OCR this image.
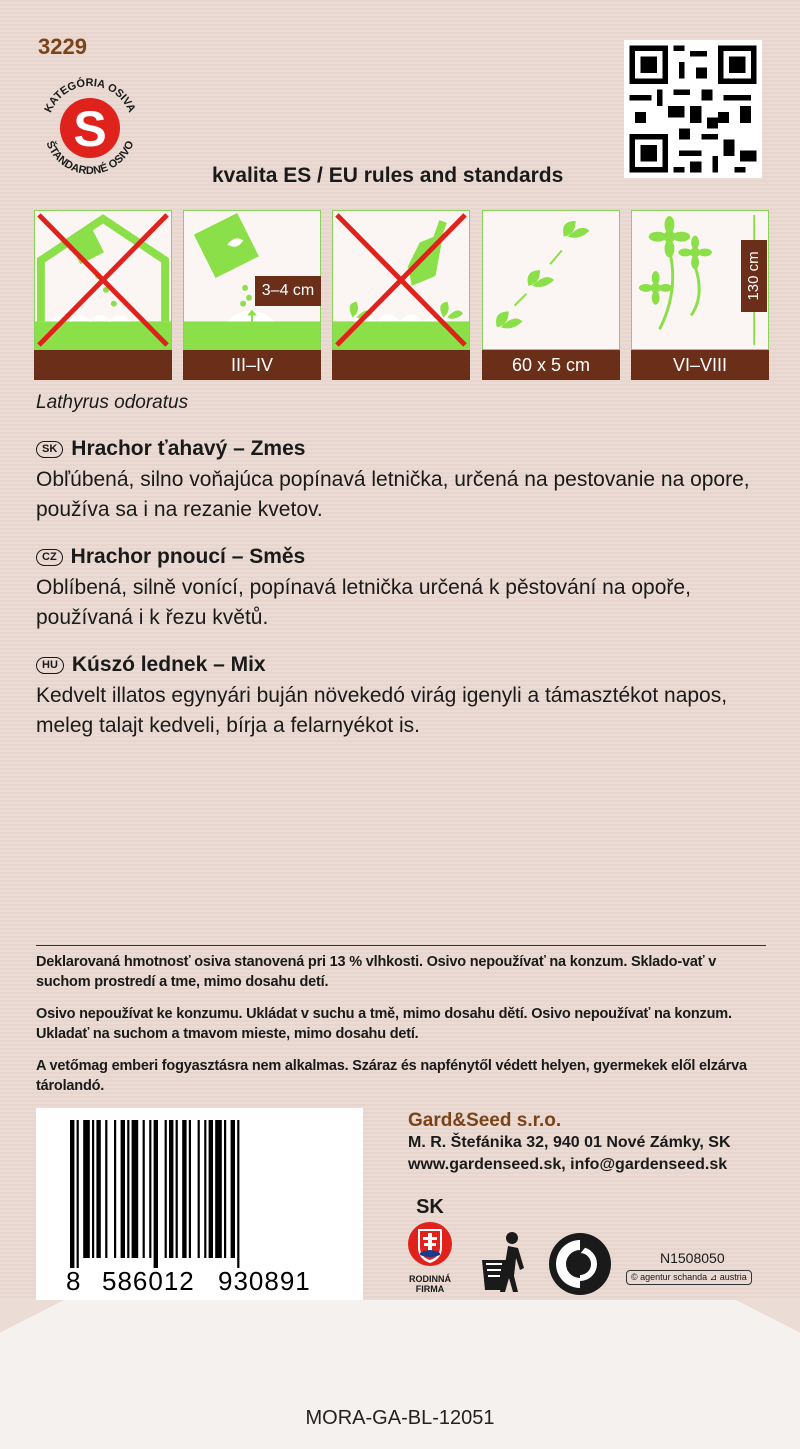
3229
S
KATEGÓRIA OSIVA
ŠTANDARDNÉ OSIVO
kvalita ES / EU rules and standards
3–4 cm
III–IV	60 x 5 cm
130 cm
VI–VIII
Lathyrus odoratus
SK Hrachor ťahavý – Zmes
Obľúbená, silno voňajúca popínavá letnička, určená na pestovanie na opore, používa sa i na rezanie kvetov.
CZ Hrachor pnoucí – Směs
Oblíbená, silně vonící, popínavá letnička určená k pěstování na opoře, používaná i k řezu květů.
HU Kúszó lednek – Mix
Kedvelt illatos egynyári buján növekedó virág igenyli a támasztékot napos, meleg talajt kedveli, bírja a felarnyékot is.
Deklarovaná hmotnosť osiva stanovená pri 13 % vlhkosti. Osivo nepoužívať na konzum. Sklado-vať v suchom prostredí a tme, mimo dosahu detí.
Osivo nepoužívat ke konzumu. Ukládat v suchu a tmě, mimo dosahu dětí. Osivo nepoužívať na konzum. Ukladať na suchom a tmavom mieste, mimo dosahu detí.
A vetőmag emberi fogyasztásra nem alkalmas. Száraz és napfénytől védett helyen, gyermekek elől elzárva tárolandó.
8 586012 930891
Gard&Seed s.r.o.
M. R. Štefánika 32, 940 01 Nové Zámky, SK
www.gardenseed.sk, info@gardenseed.sk
SK
RODINNÁ
FIRMA
N1508050
© agentur schanda ⊿ austria
MORA-GA-BL-12051
